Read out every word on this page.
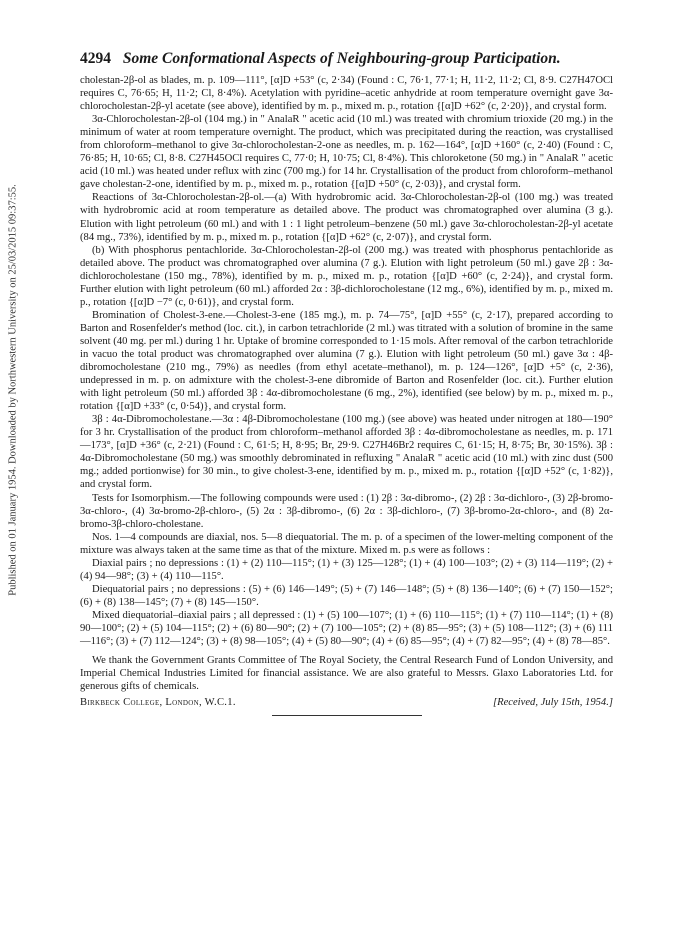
Published on 01 January 1954. Downloaded by Northwestern University on 25/03/2015 09:37:55.
4294 Some Conformational Aspects of Neighbouring-group Participation.

cholestan-2β-ol as blades, m. p. 109—111°, [α]D +53° (c, 2·34) (Found : C, 76·1, 77·1; H, 11·2, 11·2; Cl, 8·9. C27H47OCl requires C, 76·65; H, 11·2; Cl, 8·4%). Acetylation with pyridine–acetic anhydride at room temperature overnight gave 3α-chlorocholestan-2β-yl acetate (see above), identified by m. p., mixed m. p., rotation {[α]D +62° (c, 2·20)}, and crystal form.

3α-Chlorocholestan-2β-ol (104 mg.) in " AnalaR " acetic acid (10 ml.) was treated with chromium trioxide (20 mg.) in the minimum of water at room temperature overnight. The product, which was precipitated during the reaction, was crystallised from chloroform–methanol to give 3α-chlorocholestan-2-one as needles, m. p. 162—164°, [α]D +160° (c, 2·40) (Found : C, 76·85; H, 10·65; Cl, 8·8. C27H45OCl requires C, 77·0; H, 10·75; Cl, 8·4%). This chloroketone (50 mg.) in " AnalaR " acetic acid (10 ml.) was heated under reflux with zinc (700 mg.) for 14 hr. Crystallisation of the product from chloroform–methanol gave cholestan-2-one, identified by m. p., mixed m. p., rotation {[α]D +50° (c, 2·03)}, and crystal form.

Reactions of 3α-Chlorocholestan-2β-ol.—(a) With hydrobromic acid. 3α-Chlorocholestan-2β-ol (100 mg.) was treated with hydrobromic acid at room temperature as detailed above. The product was chromatographed over alumina (3 g.). Elution with light petroleum (60 ml.) and with 1 : 1 light petroleum–benzene (50 ml.) gave 3α-chlorocholestan-2β-yl acetate (84 mg., 73%), identified by m. p., mixed m. p., rotation {[α]D +62° (c, 2·07)}, and crystal form.

(b) With phosphorus pentachloride. 3α-Chlorocholestan-2β-ol (200 mg.) was treated with phosphorus pentachloride as detailed above. The product was chromatographed over alumina (7 g.). Elution with light petroleum (50 ml.) gave 2β : 3α-dichlorocholestane (150 mg., 78%), identified by m. p., mixed m. p., rotation {[α]D +60° (c, 2·24)}, and crystal form. Further elution with light petroleum (60 ml.) afforded 2α : 3β-dichlorocholestane (12 mg., 6%), identified by m. p., mixed m. p., rotation {[α]D −7° (c, 0·61)}, and crystal form.

Bromination of Cholest-3-ene.—Cholest-3-ene (185 mg.), m. p. 74—75°, [α]D +55° (c, 2·17), prepared according to Barton and Rosenfelder's method (loc. cit.), in carbon tetrachloride (2 ml.) was titrated with a solution of bromine in the same solvent (40 mg. per ml.) during 1 hr. Uptake of bromine corresponded to 1·15 mols. After removal of the carbon tetrachloride in vacuo the total product was chromatographed over alumina (7 g.). Elution with light petroleum (50 ml.) gave 3α : 4β-dibromocholestane (210 mg., 79%) as needles (from ethyl acetate–methanol), m. p. 124—126°, [α]D +5° (c, 2·36), undepressed in m. p. on admixture with the cholest-3-ene dibromide of Barton and Rosenfelder (loc. cit.). Further elution with light petroleum (50 ml.) afforded 3β : 4α-dibromocholestane (6 mg., 2%), identified (see below) by m. p., mixed m. p., rotation {[α]D +33° (c, 0·54)}, and crystal form.

3β : 4α-Dibromocholestane.—3α : 4β-Dibromocholestane (100 mg.) (see above) was heated under nitrogen at 180—190° for 3 hr. Crystallisation of the product from chloroform–methanol afforded 3β : 4α-dibromocholestane as needles, m. p. 171—173°, [α]D +36° (c, 2·21) (Found : C, 61·5; H, 8·95; Br, 29·9. C27H46Br2 requires C, 61·15; H, 8·75; Br, 30·15%). 3β : 4α-Dibromocholestane (50 mg.) was smoothly debrominated in refluxing " AnalaR " acetic acid (10 ml.) with zinc dust (500 mg.; added portionwise) for 30 min., to give cholest-3-ene, identified by m. p., mixed m. p., rotation {[α]D +52° (c, 1·82)}, and crystal form.

Tests for Isomorphism.—The following compounds were used : (1) 2β : 3α-dibromo-, (2) 2β : 3α-dichloro-, (3) 2β-bromo-3α-chloro-, (4) 3α-bromo-2β-chloro-, (5) 2α : 3β-dibromo-, (6) 2α : 3β-dichloro-, (7) 3β-bromo-2α-chloro-, and (8) 2α-bromo-3β-chloro-cholestane.

Nos. 1—4 compounds are diaxial, nos. 5—8 diequatorial. The m. p. of a specimen of the lower-melting component of the mixture was always taken at the same time as that of the mixture. Mixed m. p.s were as follows :

Diaxial pairs ; no depressions : (1) + (2) 110—115°; (1) + (3) 125—128°; (1) + (4) 100—103°; (2) + (3) 114—119°; (2) + (4) 94—98°; (3) + (4) 110—115°.

Diequatorial pairs ; no depressions : (5) + (6) 146—149°; (5) + (7) 146—148°; (5) + (8) 136—140°; (6) + (7) 150—152°; (6) + (8) 138—145°; (7) + (8) 145—150°.

Mixed diequatorial–diaxial pairs ; all depressed : (1) + (5) 100—107°; (1) + (6) 110—115°; (1) + (7) 110—114°; (1) + (8) 90—100°; (2) + (5) 104—115°; (2) + (6) 80—90°; (2) + (7) 100—105°; (2) + (8) 85—95°; (3) + (5) 108—112°; (3) + (6) 111—116°; (3) + (7) 112—124°; (3) + (8) 98—105°; (4) + (5) 80—90°; (4) + (6) 85—95°; (4) + (7) 82—95°; (4) + (8) 78—85°.

We thank the Government Grants Committee of The Royal Society, the Central Research Fund of London University, and Imperial Chemical Industries Limited for financial assistance. We are also grateful to Messrs. Glaxo Laboratories Ltd. for generous gifts of chemicals.

Birkbeck College, London, W.C.1.	[Received, July 15th, 1954.]
